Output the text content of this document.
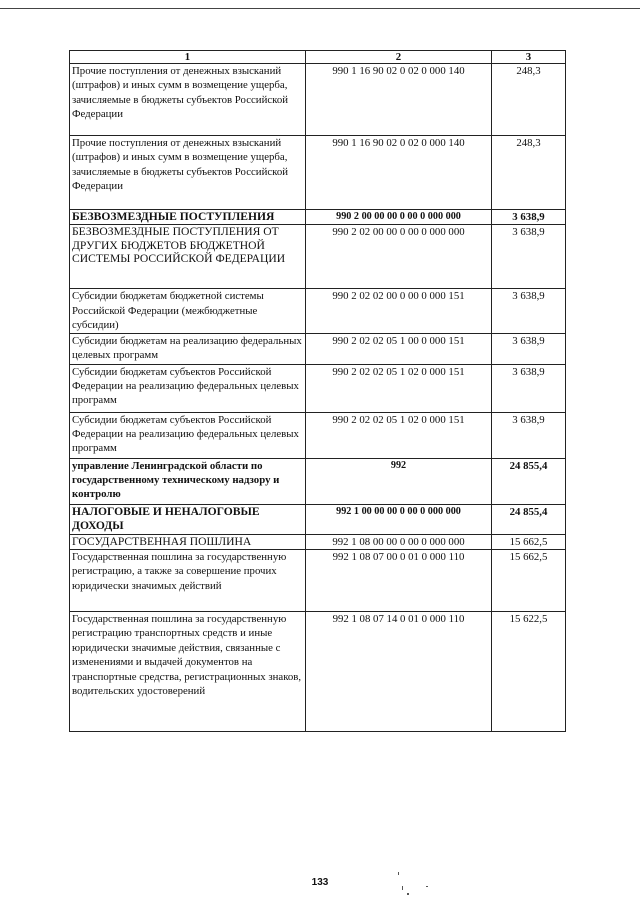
1	2	3
Прочие поступления от денежных взысканий (штрафов) и иных сумм в возмещение ущерба, зачисляемые в бюджеты субъектов Российской Федерации	990 1 16 90 02 0 02 0 000 140	248,3
Прочие поступления от денежных взысканий (штрафов) и иных сумм в возмещение ущерба, зачисляемые в бюджеты субъектов Российской Федерации	990 1 16 90 02 0 02 0 000 140	248,3
БЕЗВОЗМЕЗДНЫЕ ПОСТУПЛЕНИЯ	990 2 00 00 00 0 00 0 000 000	3 638,9
БЕЗВОЗМЕЗДНЫЕ ПОСТУПЛЕНИЯ ОТ ДРУГИХ БЮДЖЕТОВ БЮДЖЕТНОЙ СИСТЕМЫ РОССИЙСКОЙ ФЕДЕРАЦИИ	990 2 02 00 00 0 00 0 000 000	3 638,9
Субсидии бюджетам бюджетной системы Российской Федерации (межбюджетные субсидии)	990 2 02 02 00 0 00 0 000 151	3 638,9
Субсидии бюджетам на реализацию федеральных целевых программ	990 2 02 02 05 1 00 0 000 151	3 638,9
Субсидии бюджетам субъектов Российской Федерации на реализацию федеральных целевых программ	990 2 02 02 05 1 02 0 000 151	3 638,9
Субсидии бюджетам субъектов Российской Федерации на реализацию федеральных целевых программ	990 2 02 02 05 1 02 0 000 151	3 638,9
управление Ленинградской области по государственному техническому надзору и контролю	992	24 855,4
НАЛОГОВЫЕ И НЕНАЛОГОВЫЕ ДОХОДЫ	992 1 00 00 00 0 00 0 000 000	24 855,4
ГОСУДАРСТВЕННАЯ ПОШЛИНА	992 1 08 00 00 0 00 0 000 000	15 662,5
Государственная пошлина за государственную регистрацию, а также за совершение прочих юридически значимых действий	992 1 08 07 00 0 01 0 000 110	15 662,5
Государственная пошлина за государственную регистрацию транспортных средств и иные юридически значимые действия, связанные с изменениями и выдачей документов на транспортные средства, регистрационных знаков, водительских удостоверений	992 1 08 07 14 0 01 0 000 110	15 622,5
133
